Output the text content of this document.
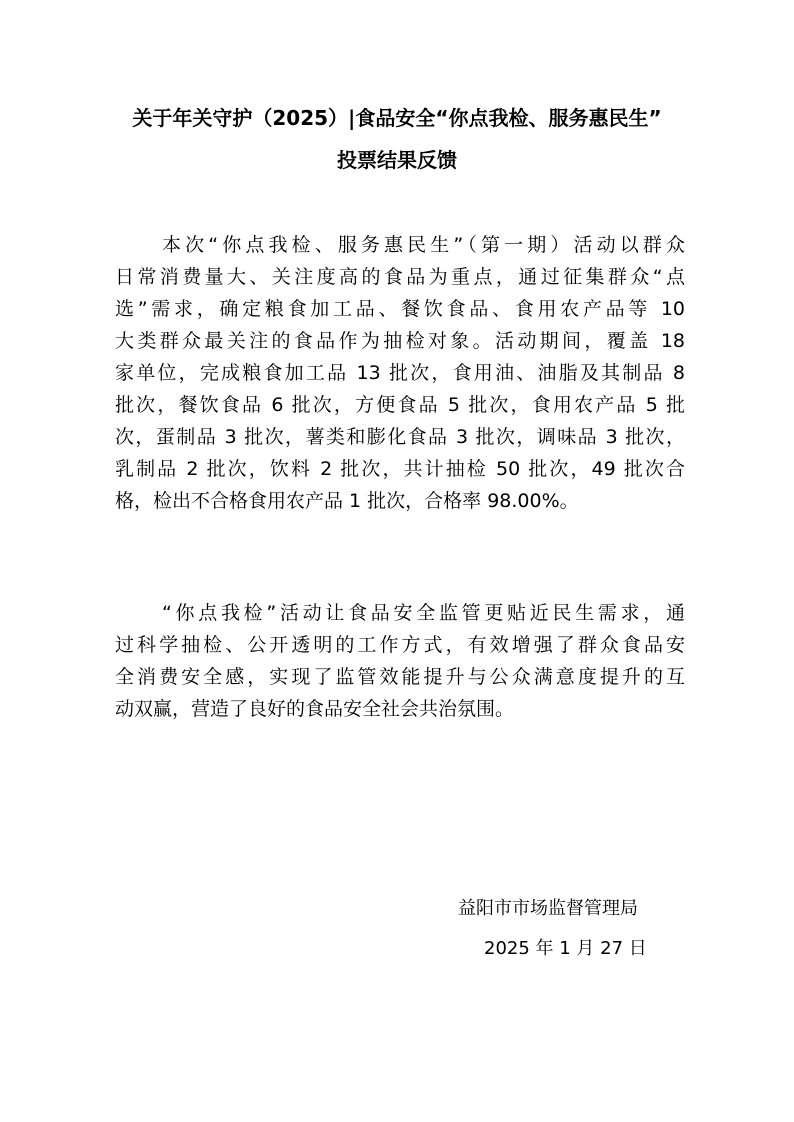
关于年关守护（2025）|食品安全“你点我检、服务惠民生”
投票结果反馈
本次“你点我检、服务惠民生”（第一期）活动以群众
日常消费量大、关注度高的食品为重点，通过征集群众“点
选”需求，确定粮食加工品、餐饮食品、食用农产品等 10
大类群众最关注的食品作为抽检对象。活动期间，覆盖 18
家单位，完成粮食加工品 13 批次，食用油、油脂及其制品 8
批次，餐饮食品 6 批次，方便食品 5 批次，食用农产品 5 批
次，蛋制品 3 批次，薯类和膨化食品 3 批次，调味品 3 批次，
乳制品 2 批次，饮料 2 批次，共计抽检 50 批次，49 批次合
格，检出不合格食用农产品 1 批次，合格率 98.00%。
“你点我检”活动让食品安全监管更贴近民生需求，通
过科学抽检、公开透明的工作方式，有效增强了群众食品安
全消费安全感，实现了监管效能提升与公众满意度提升的互
动双赢，营造了良好的食品安全社会共治氛围。
益阳市市场监督管理局
2025 年 1 月 27 日
